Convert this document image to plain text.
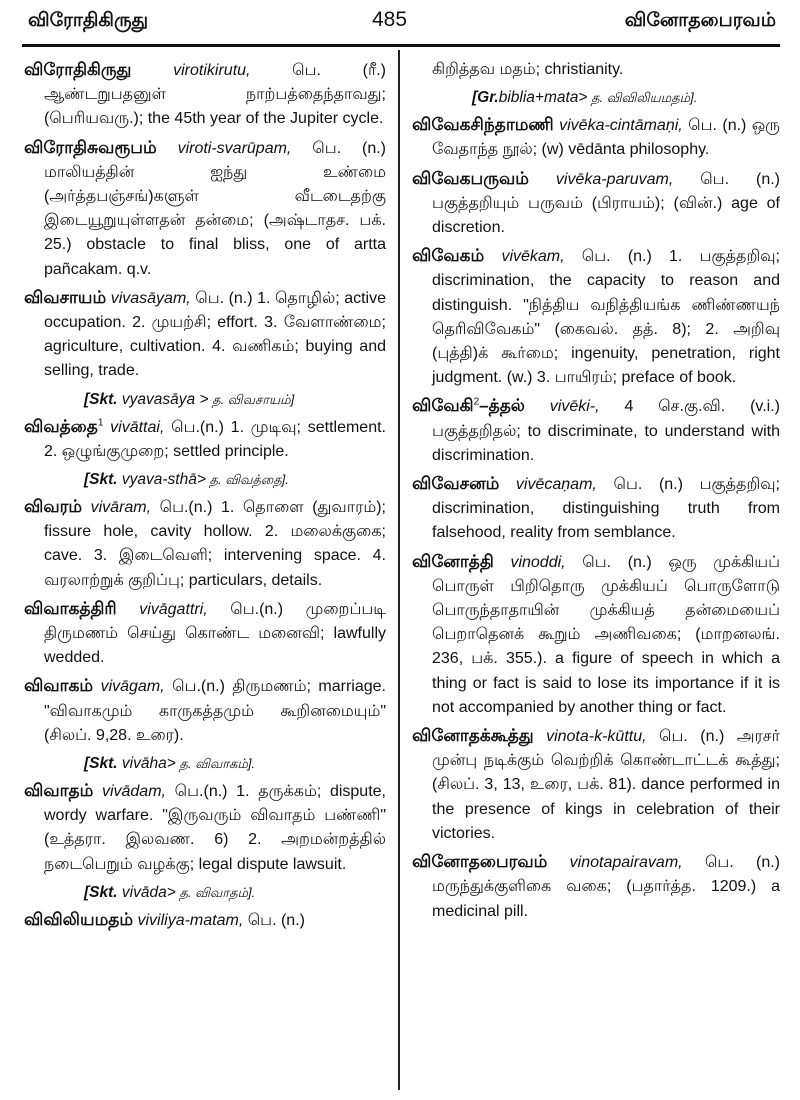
விரோதிகிருது	485	வினோதபைரவம்

விரோதிகிருது	virotikirutu, பெ. (ரீ.) ஆண்டறுபதனுள் நாற்பத்தைந்தாவது; (பெரியவரு.); the 45th year of the Jupiter cycle.

விரோதிசுவரூபம் viroti-svarūpam, பெ. (n.) மாலியத்தின் ஐந்து உண்மை (அர்த்தபஞ்சங்)களுள் வீடடைதற்கு இடையூறுயுள்ளதன் தன்மை; (அஷ்டாதச. பக். 25.) obstacle to final bliss, one of artta pañcakam. q.v.

விவசாயம் vivasāyam, பெ. (n.) 1. தொழில்; active occupation. 2. முயற்சி; effort. 3. வேளாண்மை; agriculture, cultivation. 4. வணிகம்; buying and selling, trade.

[Skt. vyavasāya > த. விவசாயம்]

விவத்தை$^1$ vivāttai, பெ.(n.) 1. முடிவு; settlement. 2. ஒழுங்குமுறை; settled principle.

[Skt. vyava-sthā> த. விவத்தை].

விவரம் vivāram, பெ.(n.) 1. தொளை (துவாரம்); fissure hole, cavity hollow. 2. மலைக்குகை; cave. 3. இடைவெளி; intervening space. 4. வரலாற்றுக் குறிப்பு; particulars, details.

விவாகத்திரி vivāgattri, பெ.(n.) முறைப்படி திருமணம் செய்து கொண்ட மனைவி; lawfully wedded.

விவாகம் vivāgam, பெ.(n.) திருமணம்; marriage. "விவாகமும் காருகத்தமும் கூறினமையும்" (சிலப். 9,28. உரை).

[Skt. vivāha> த. விவாகம்].

விவாதம் vivādam, பெ.(n.) 1. தருக்கம்; dispute, wordy warfare. "இருவரும் விவாதம் பண்ணி" (உத்தரா. இலவண. 6) 2. அறமன்றத்தில் நடைபெறும் வழக்கு; legal dispute lawsuit.

[Skt. vivāda> த. விவாதம்].

விவிலியமதம் viviliya-matam, பெ. (n.)

கிறித்தவ மதம்; christianity.

[Gr.biblia+mata> த. விவிலியமதம்].

விவேகசிந்தாமணி vivēka-cintāmaṇi, பெ. (n.) ஒரு வேதாந்த நூல்; (w) vēdānta philosophy.

விவேகபருவம் vivēka-paruvam, பெ. (n.) பகுத்தறியும் பருவம் (பிராயம்); (வின்.) age of discretion.

விவேகம் vivēkam, பெ. (n.) 1. பகுத்தறிவு; discrimination, the capacity to reason and distinguish. "நித்திய வநித்தியங்க ணிண்ணயந் தெரிவிவேகம்" (கைவல். தத். 8); 2. அறிவு (புத்தி)க் கூர்மை; ingenuity, penetration, right judgment. (w.) 3. பாயிரம்; preface of book.

விவேகி$^2$–த்தல் vivēki-, 4 செ.கு.வி. (v.i.) பகுத்தறிதல்; to discriminate, to understand with discrimination.

விவேசனம் vivēcaṇam, பெ. (n.) பகுத்தறிவு; discrimination, distinguishing truth from falsehood, reality from semblance.

வினோத்தி vinoddi, பெ. (n.) ஒரு முக்கியப் பொருள் பிறிதொரு முக்கியப் பொருளோடு பொருந்தாதாயின் முக்கியத் தன்மையைப் பெறாதெனக் கூறும் அணிவகை; (மாறனலங். 236, பக். 355.). a figure of speech in which a thing or fact is said to lose its importance if it is not accompanied by another thing or fact.

வினோதக்கூத்து vinota-k-kūttu, பெ. (n.) அரசர் முன்பு நடிக்கும் வெற்றிக் கொண்டாட்டக் கூத்து; (சிலப். 3, 13, உரை, பக். 81). dance performed in the presence of kings in celebration of their victories.

வினோதபைரவம் vinotapairavam, பெ. (n.) மருந்துக்குளிகை வகை; (பதார்த்த. 1209.) a medicinal pill.
